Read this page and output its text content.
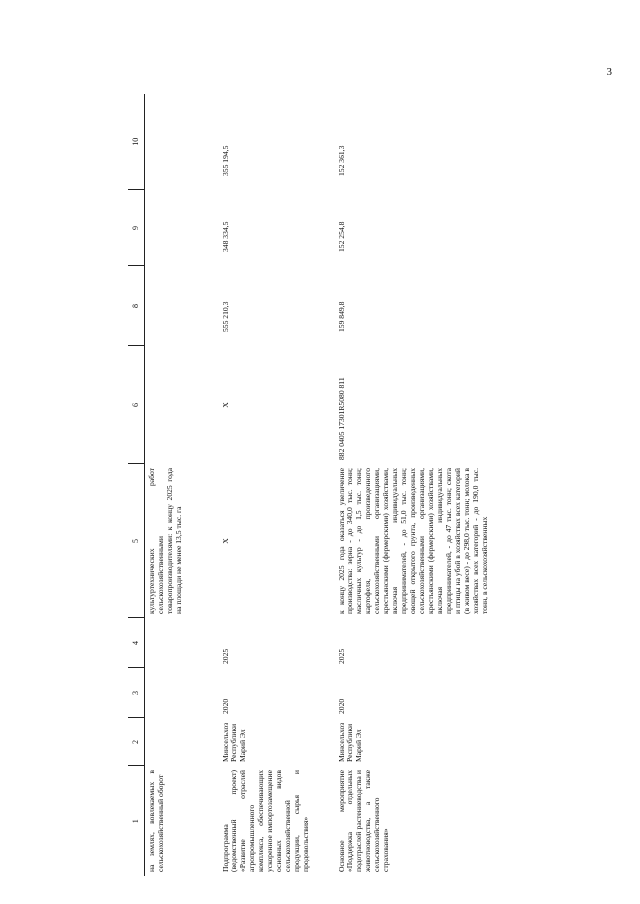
3
1	2	3	4	5	6	8	9	10
на землях, вовлекаемых в сельскохозяйственный оборот				культуртехнических работ сельскохозяйственными товаропроизводителями: к концу 2025 года на площади не менее 13,5 тыс. га				
Подпрограмма (ведомственный проект) «Развитие отраслей агропромышленного комплекса, обеспечивающих ускоренное импортозамещение основных видов сельскохозяйственной продукции, сырья и продовольствия»	Минсельхоз Республики Марий Эл	2020	2025	Х	Х	555 210,3	348 334,5	355 194,5
Основное мероприятие «Поддержка отдельных подотраслей растениеводства и животноводства, а также сельскохозяйственного страхования»	Минсельхоз Республики Марий Эл	2020	2025	к концу 2025 года оказаться увеличение производства: зерна - до 340,0 тыс. тонн; масличных культур - до 1,5 тыс. тонн; картофеля, произведенного сельскохозяйственными организациями, крестьянскими (фермерскими) хозяйствами, включая индивидуальных предпринимателей, - до 51,0 тыс. тонн; овощей открытого грунта, произведенных сельскохозяйственными организациями, крестьянскими (фермерскими) хозяйствами, включая индивидуальных предпринимателей, - до 47 тыс. тонн; скота и птицы на убой в хозяйствах всех категорий (в живом весе) - до 298,0 тыс. тонн; молока в хозяйствах всех категорий - до 190,0 тыс. тонн, в сельскохозяйственных	882 0405 17301R5080 811	159 849,8	152 254,8	152 361,3
